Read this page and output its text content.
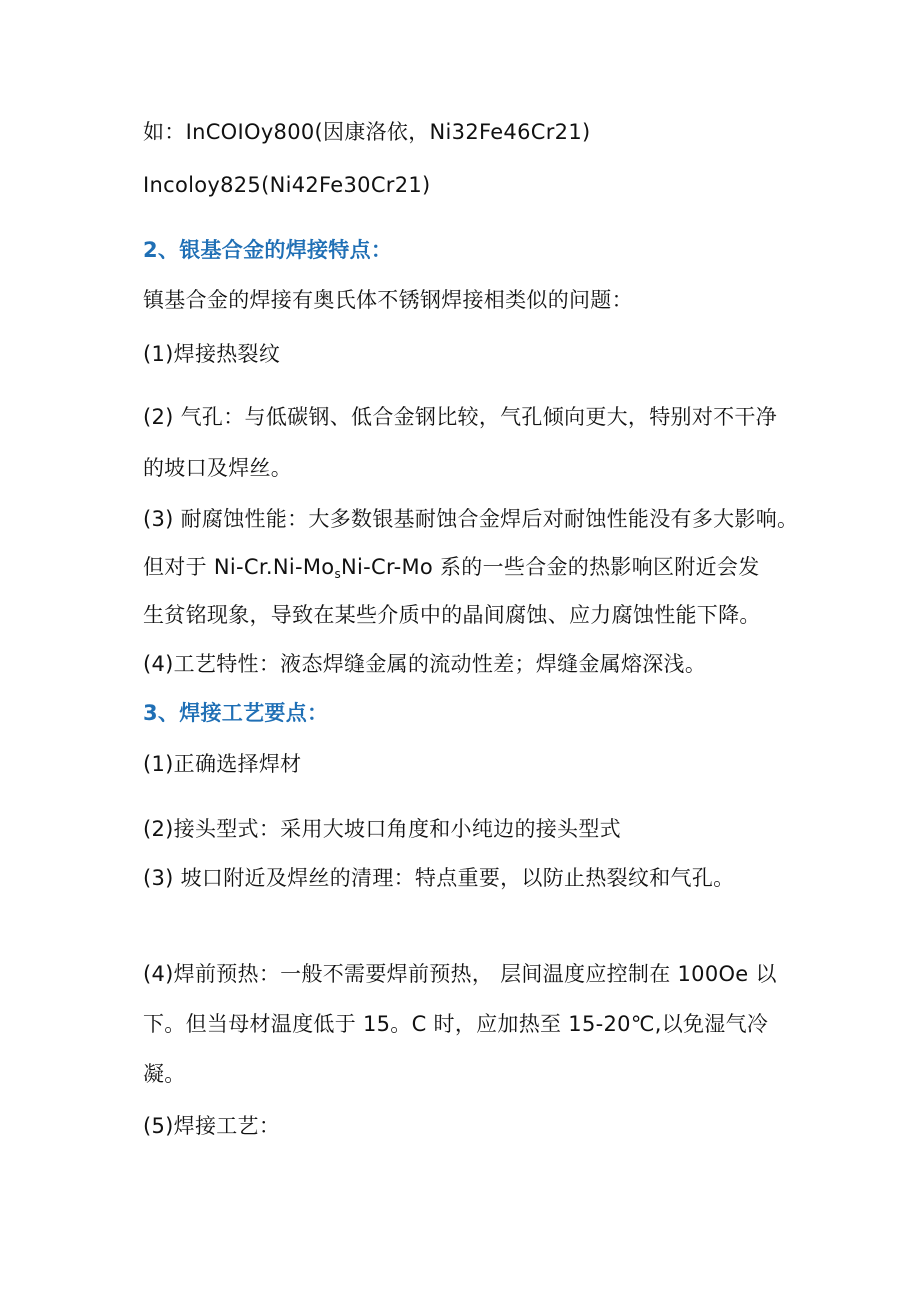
如：InCOIOy800(因康洛依，Ni32Fe46Cr21)
Incoloy825(Ni42Fe30Cr21)
2、银基合金的焊接特点：
镇基合金的焊接有奥氏体不锈钢焊接相类似的问题：
(1)焊接热裂纹
(2) 气孔：与低碳钢、低合金钢比较，气孔倾向更大，特别对不干净
的坡口及焊丝。
(3) 耐腐蚀性能：大多数银基耐蚀合金焊后对耐蚀性能没有多大影响。
但对于 Ni-Cr.Ni-MosNi-Cr-Mo 系的一些合金的热影响区附近会发
生贫铭现象，导致在某些介质中的晶间腐蚀、应力腐蚀性能下降。
(4)工艺特性：液态焊缝金属的流动性差；焊缝金属熔深浅。
3、焊接工艺要点：
(1)正确选择焊材
(2)接头型式：采用大坡口角度和小纯边的接头型式
(3) 坡口附近及焊丝的清理：特点重要，以防止热裂纹和气孔。
(4)焊前预热：一般不需要焊前预热， 层间温度应控制在 100Oe 以
下。但当母材温度低于 15。C 时，应加热至 15-20℃,以免湿气冷
凝。
(5)焊接工艺：
